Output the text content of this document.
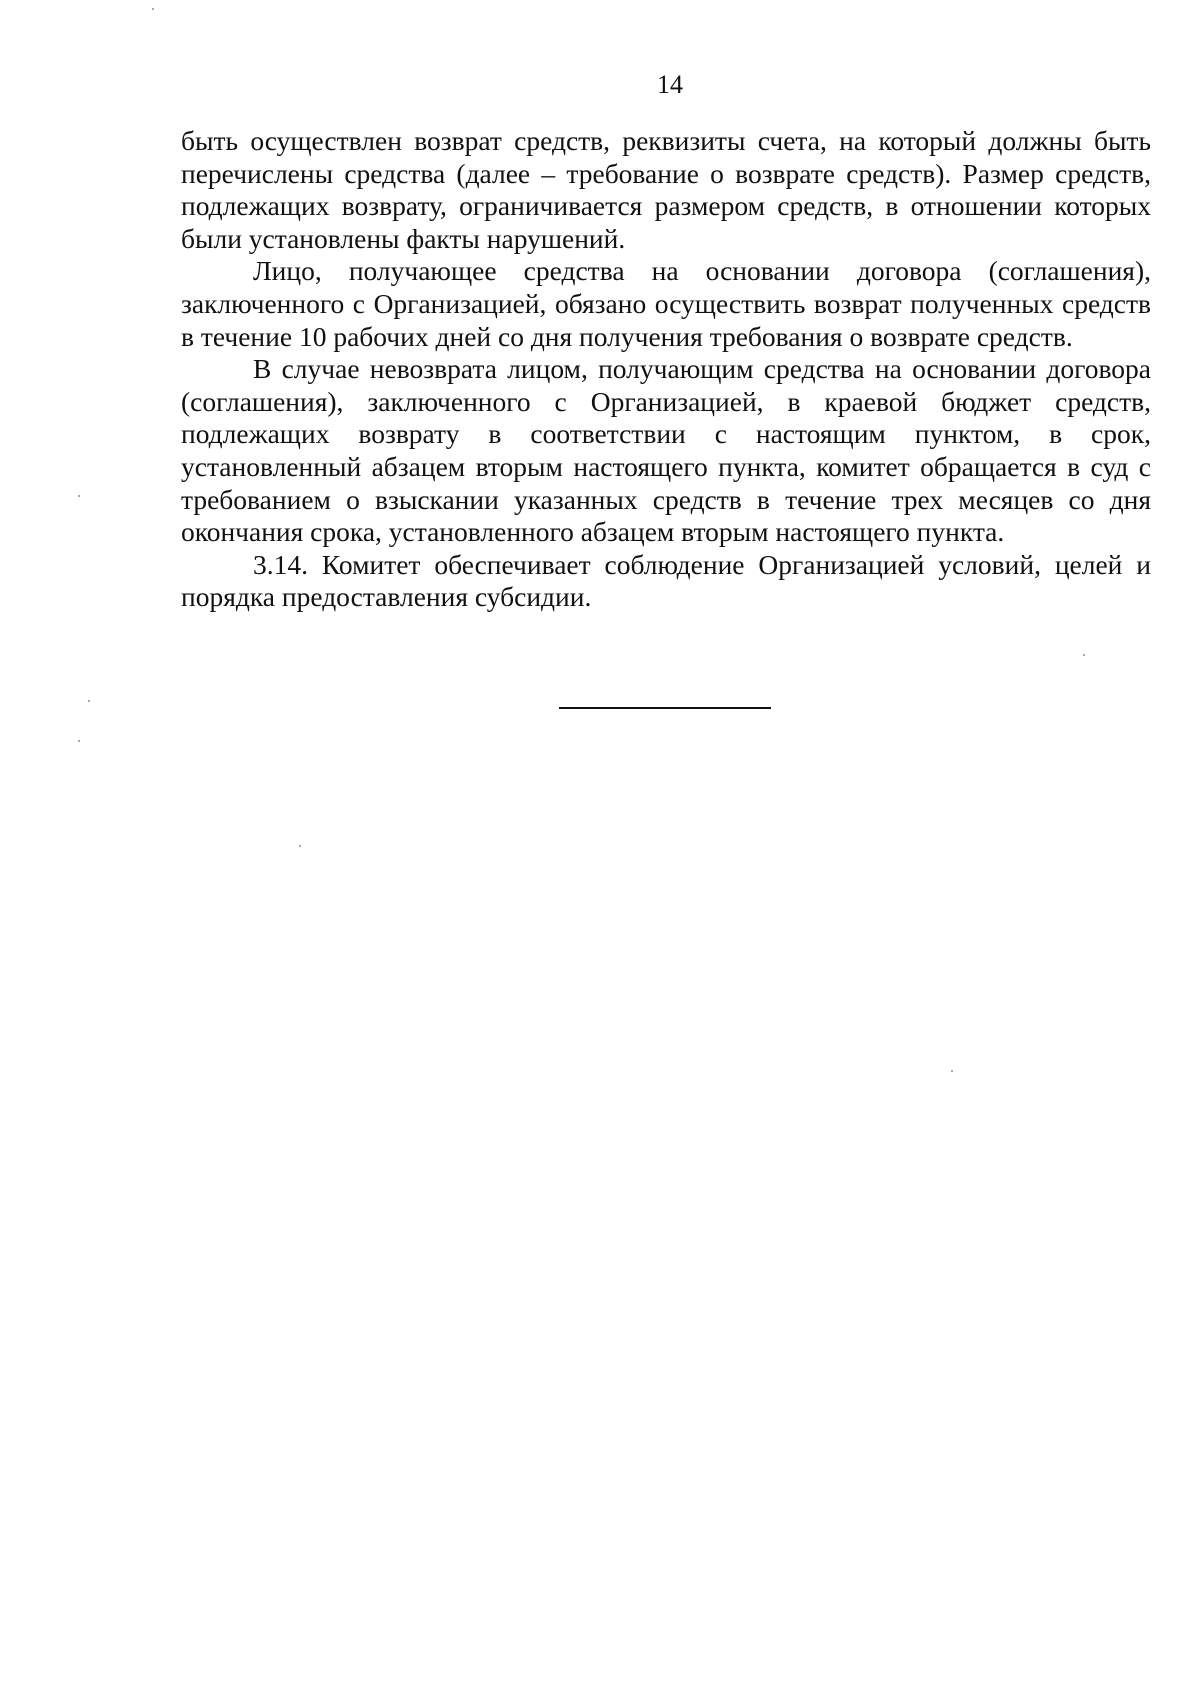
14

быть осуществлен возврат средств, реквизиты счета, на который должны быть перечислены средства (далее – требование о возврате средств). Размер средств, подлежащих возврату, ограничивается размером средств, в отношении которых были установлены факты нарушений.

Лицо, получающее средства на основании договора (соглашения), заключенного с Организацией, обязано осуществить возврат полученных средств в течение 10 рабочих дней со дня получения требования о возврате средств.

В случае невозврата лицом, получающим средства на основании договора (соглашения), заключенного с Организацией, в краевой бюджет средств, подлежащих возврату в соответствии с настоящим пунктом, в срок, установленный абзацем вторым настоящего пункта, комитет обращается в суд с требованием о взыскании указанных средств в течение трех месяцев со дня окончания срока, установленного абзацем вторым настоящего пункта.

3.14. Комитет обеспечивает соблюдение Организацией условий, целей и порядка предоставления субсидии.
